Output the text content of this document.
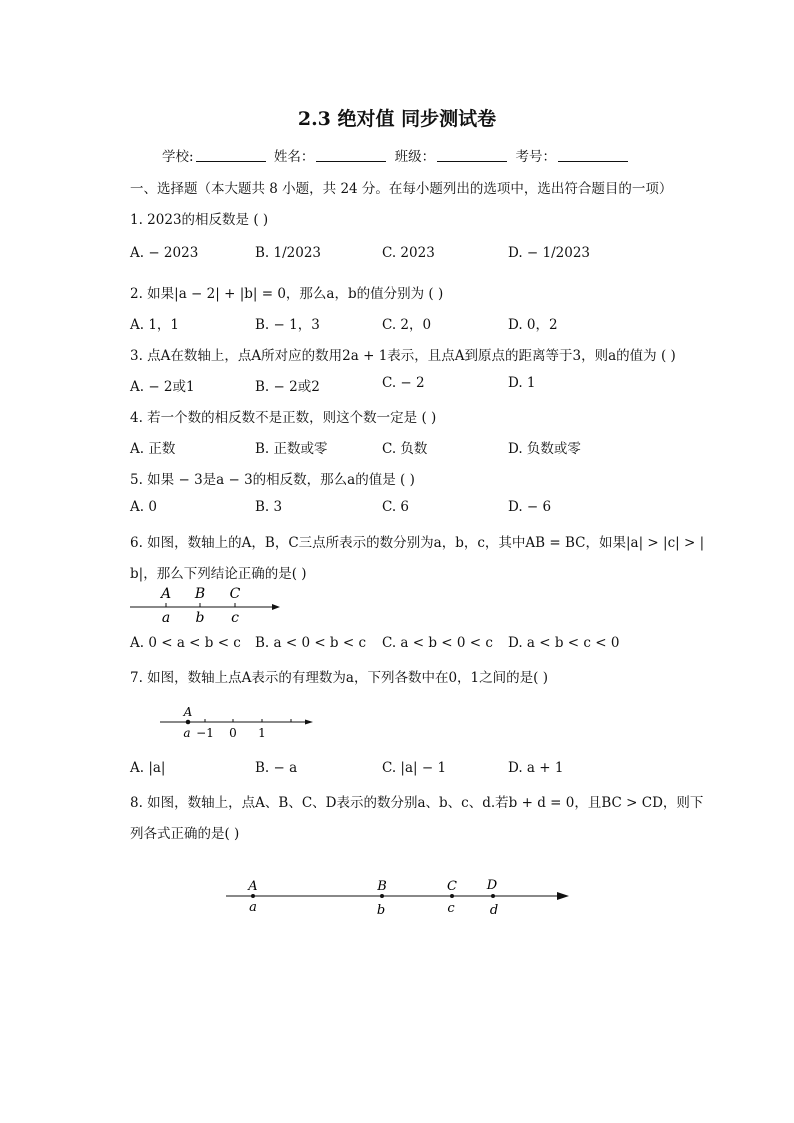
2.3 绝对值 同步测试卷
学校:	姓名：	班级：	考号：
一、选择题（本大题共 8 小题，共 24 分。在每小题列出的选项中，选出符合题目的一项）
1. 2023的相反数是 ( )
A. − 2023	B. 1/2023	C. 2023	D. − 1/2023
2. 如果|a − 2| + |b| = 0，那么a，b的值分别为 ( )
A. 1，1	B. − 1，3	C. 2，0	D. 0，2
3. 点A在数轴上，点A所对应的数用2a + 1表示，且点A到原点的距离等于3，则a的值为 ( )
A. − 2或1	B. − 2或2	C. − 2	D. 1
4. 若一个数的相反数不是正数，则这个数一定是 ( )
A. 正数	B. 正数或零	C. 负数	D. 负数或零
5. 如果 − 3是a − 3的相反数，那么a的值是 ( )
A. 0	B. 3	C. 6	D. − 6
6. 如图，数轴上的A，B，C三点所表示的数分别为a，b，c，其中AB = BC，如果|a| > |c| > |
b|，那么下列结论正确的是( )
A B C
a b c
A. 0 < a < b < c B. a < 0 < b < c C. a < b < 0 < c D. a < b < c < 0
7. 如图，数轴上点A表示的有理数为a，下列各数中在0，1之间的是( )
A
a −1 0 1
A. |a|	B. − a	C. |a| − 1	D. a + 1
8. 如图，数轴上，点A、B、C、D表示的数分别a、b、c、d.若b + d = 0，且BC > CD，则下
列各式正确的是( )
A	B	C D
a	b	c	d
